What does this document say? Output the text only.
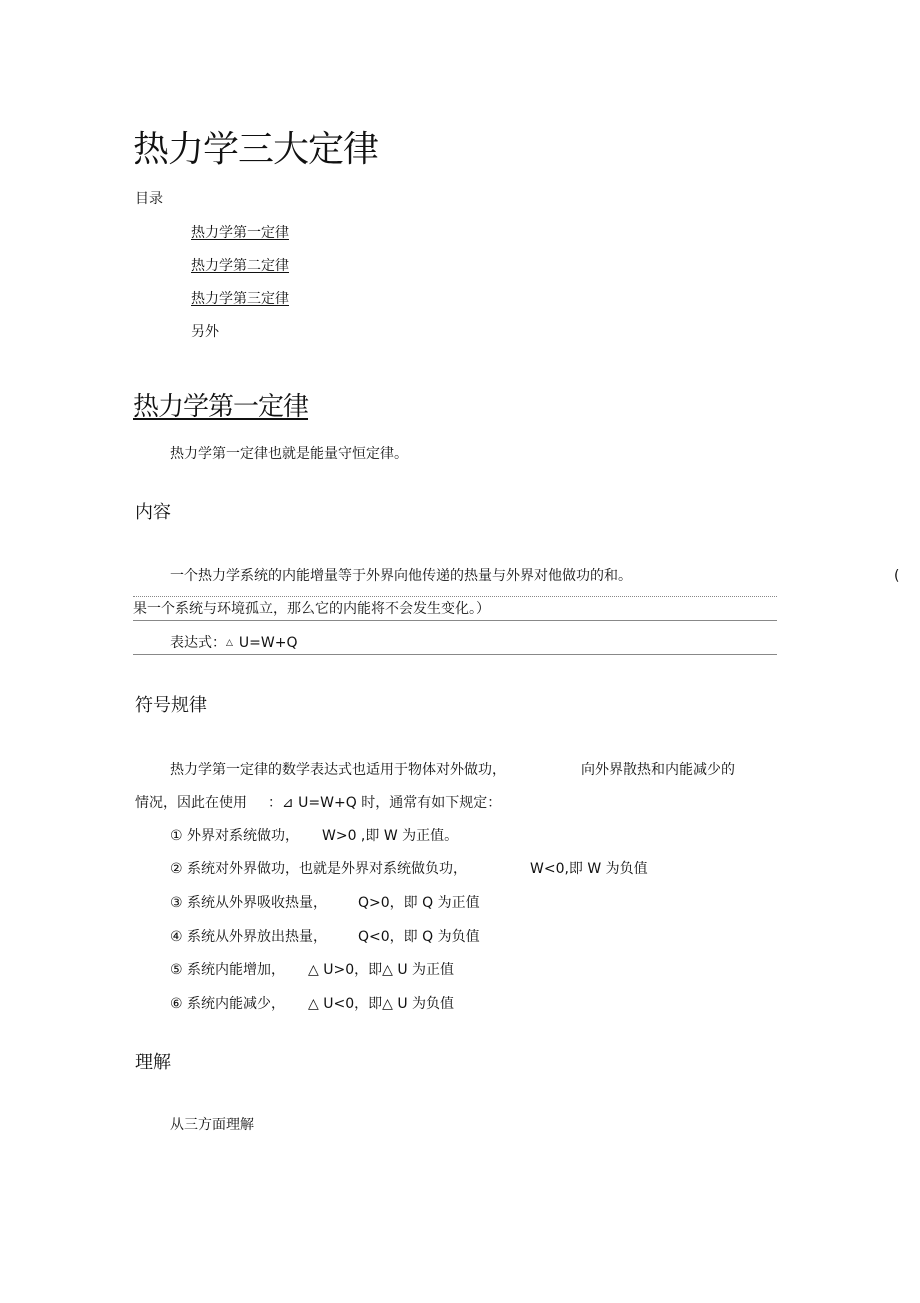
热力学三大定律
目录
热力学第一定律
热力学第二定律
热力学第三定律
另外
热力学第一定律
热力学第一定律也就是能量守恒定律。
内容
一个热力学系统的内能增量等于外界向他传递的热量与外界对他做功的和。	(
果一个系统与环境孤立，那么它的内能将不会发生变化。）
表达式：△ U=W+Q
符号规律
热力学第一定律的数学表达式也适用于物体对外做功，	向外界散热和内能减少的
情况，因此在使用 ：⊿ U=W+Q 时，通常有如下规定：
① 外界对系统做功， W>0 ,即 W 为正值。
② 系统对外界做功，也就是外界对系统做负功，	W<0,即 W 为负值
③ 系统从外界吸收热量， Q>0，即 Q 为正值
④ 系统从外界放出热量， Q<0，即 Q 为负值
⑤ 系统内能增加， △ U>0，即△ U 为正值
⑥ 系统内能减少， △ U<0，即△ U 为负值
理解
从三方面理解
